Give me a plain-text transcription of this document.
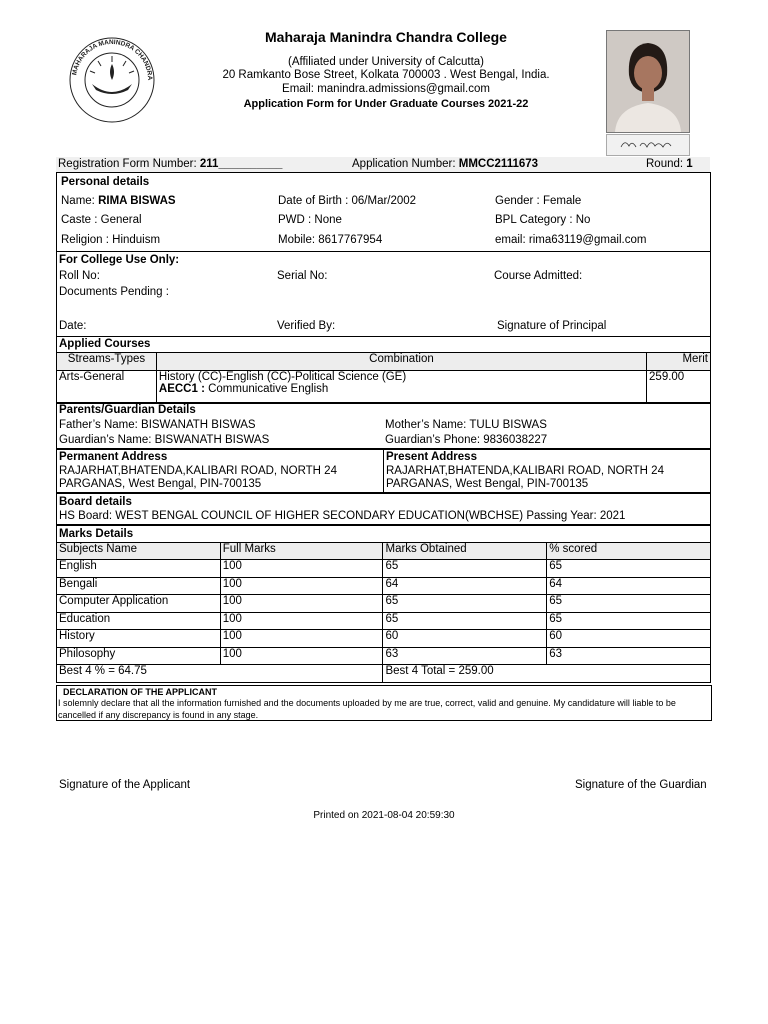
MAHARAJA MANINDRA CHANDRA
Maharaja Manindra Chandra College
(Affiliated under University of Calcutta)
20 Ramkanto Bose Street, Kolkata 700003 . West Bengal, India.
Email: manindra.admissions@gmail.com
Application Form for Under Graduate Courses 2021-22
Registration Form Number: 211__________	Application Number: MMCC2111673	Round: 1
Personal details
Name: RIMA BISWAS	Date of Birth : 06/Mar/2002	Gender : Female
Caste : General	PWD : None	BPL Category : No
Religion : Hinduism	Mobile: 8617767954	email: rima63119@gmail.com
For College Use Only:
Roll No:	Serial No:	Course Admitted:
Documents Pending :
Date:	Verified By:	Signature of Principal
Applied Courses
Streams-Types	Combination	Merit
Arts-General	History (CC)-English (CC)-Political Science (GE)
AECC1 : Communicative English	259.00
Parents/Guardian Details
Father’s Name: BISWANATH BISWAS	Mother’s Name: TULU BISWAS
Guardian’s Name: BISWANATH BISWAS	Guardian’s Phone: 9836038227
Permanent Address
RAJARHAT,BHATENDA,KALIBARI ROAD, NORTH 24
PARGANAS, West Bengal, PIN-700135
Present Address
RAJARHAT,BHATENDA,KALIBARI ROAD, NORTH 24
PARGANAS, West Bengal, PIN-700135
Board details
HS Board: WEST BENGAL COUNCIL OF HIGHER SECONDARY EDUCATION(WBCHSE) Passing Year: 2021
Marks Details
Subjects Name	Full Marks	Marks Obtained	% scored
English	100	65	65
Bengali	100	64	64
Computer Application	100	65	65
Education	100	65	65
History	100	60	60
Philosophy	100	63	63
Best 4 % = 64.75		Best 4 Total = 259.00	
DECLARATION OF THE APPLICANT
I solemnly declare that all the information furnished and the documents uploaded by me are true, correct, valid and genuine. My candidature will liable to be cancelled if any discrepancy is found in any stage.
Signature of the Applicant	Signature of the Guardian
Printed on 2021-08-04 20:59:30
